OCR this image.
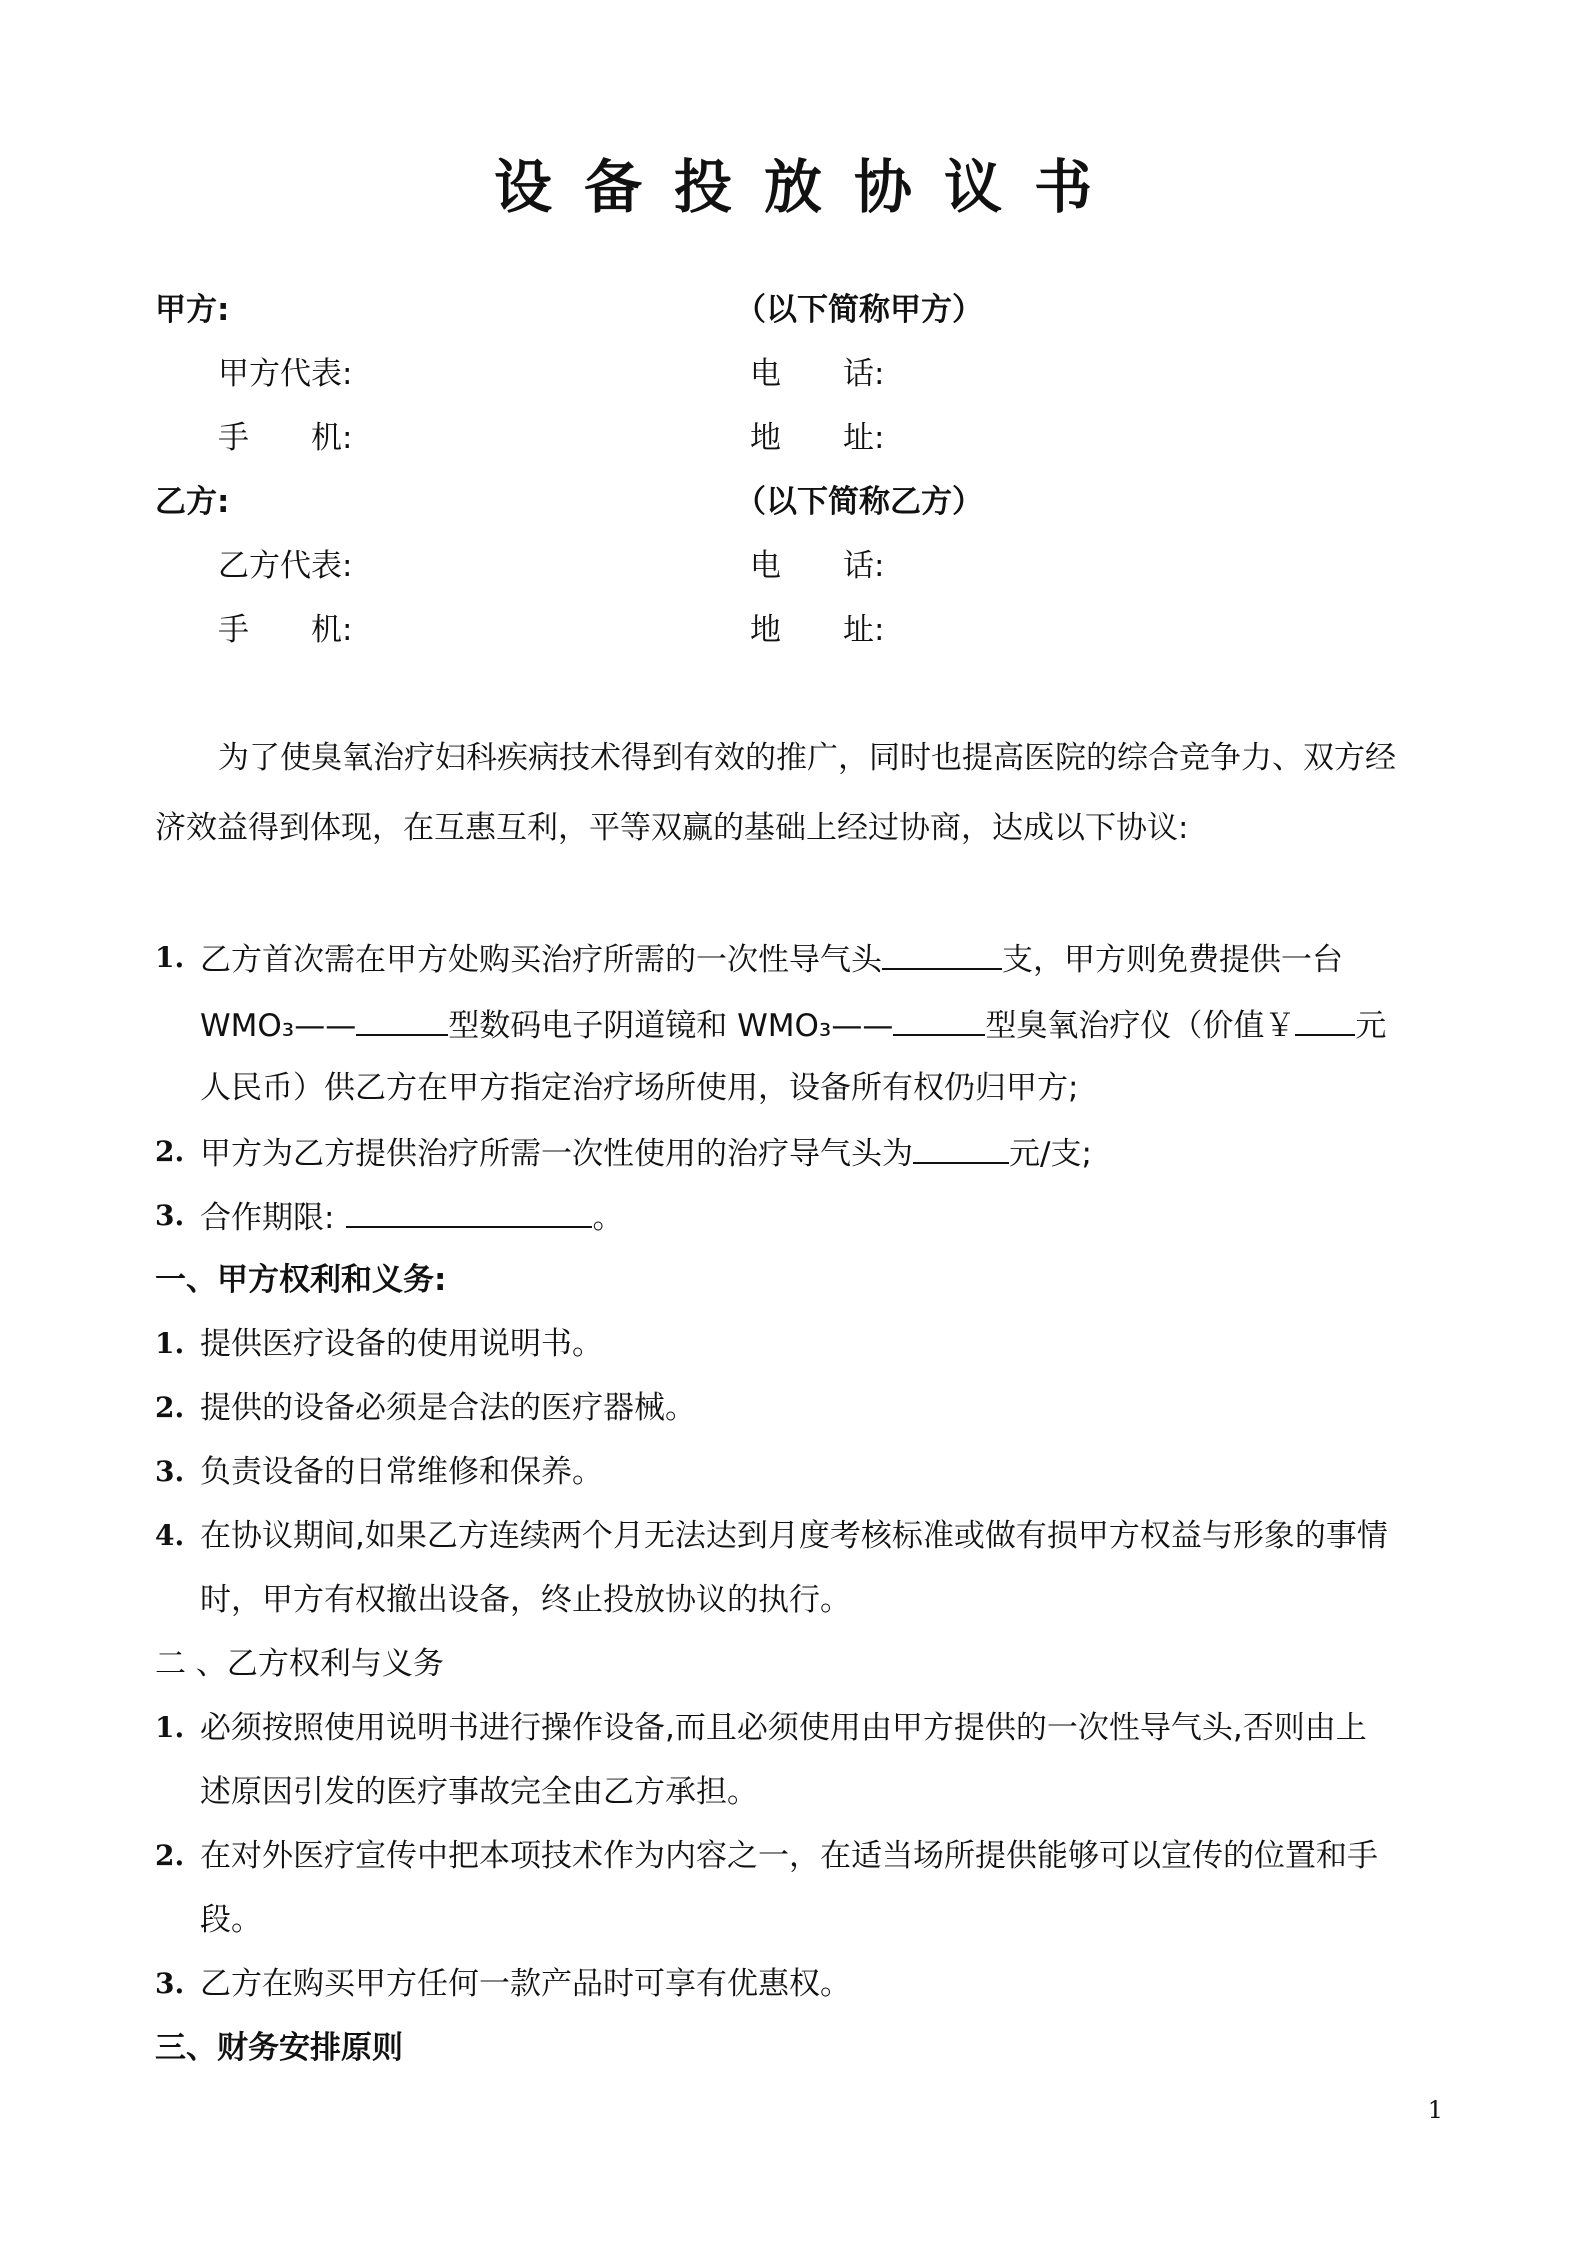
设备投放协议书
甲方:	（以下简称甲方）
甲方代表:	电　　话:
手　　机:	地　　址:
乙方:	（以下简称乙方）
乙方代表:	电　　话:
手　　机:	地　　址:
为了使臭氧治疗妇科疾病技术得到有效的推广，同时也提高医院的综合竞争力、双方经
济效益得到体现，在互惠互利，平等双赢的基础上经过协商，达成以下协议:
1. 乙方首次需在甲方处购买治疗所需的一次性导气头	支，甲方则免费提供一台
WMO₃——	型数码电子阴道镜和 WMO₃——	型臭氧治疗仪（价值￥ 元
人民币）供乙方在甲方指定治疗场所使用，设备所有权仍归甲方;
2. 甲方为乙方提供治疗所需一次性使用的治疗导气头为	元/支;
3. 合作期限:	。
一、甲方权利和义务:
1. 提供医疗设备的使用说明书。
2. 提供的设备必须是合法的医疗器械。
3. 负责设备的日常维修和保养。
4. 在协议期间,如果乙方连续两个月无法达到月度考核标准或做有损甲方权益与形象的事情
时，甲方有权撤出设备，终止投放协议的执行。
二 、乙方权利与义务
1. 必须按照使用说明书进行操作设备,而且必须使用由甲方提供的一次性导气头,否则由上
述原因引发的医疗事故完全由乙方承担。
2. 在对外医疗宣传中把本项技术作为内容之一，在适当场所提供能够可以宣传的位置和手
段。
3. 乙方在购买甲方任何一款产品时可享有优惠权。
三、财务安排原则
1
